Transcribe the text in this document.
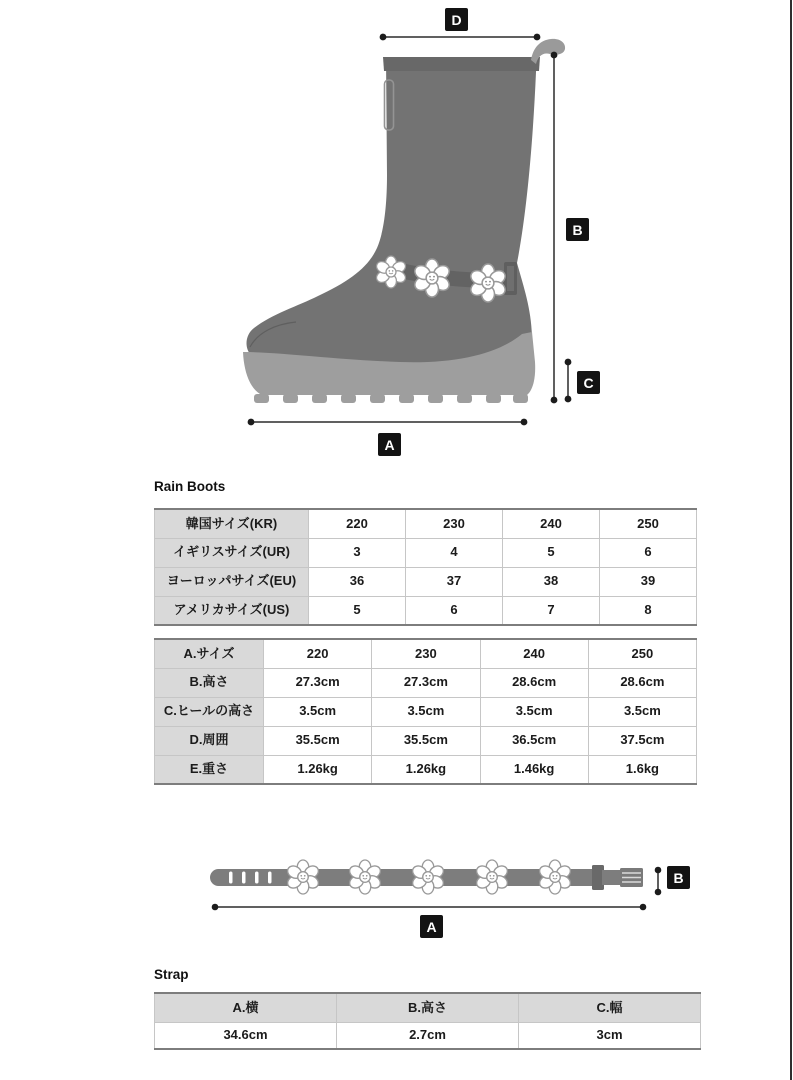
D
B
C
A
Rain Boots
韓国サイズ(KR)	220	230	240	250
イギリスサイズ(UR)	3	4	5	6
ヨーロッパサイズ(EU)	36	37	38	39
アメリカサイズ(US)	5	6	7	8
A.サイズ	220	230	240	250
B.高さ	27.3cm	27.3cm	28.6cm	28.6cm
C.ヒールの高さ	3.5cm	3.5cm	3.5cm	3.5cm
D.周囲	35.5cm	35.5cm	36.5cm	37.5cm
E.重さ	1.26kg	1.26kg	1.46kg	1.6kg
B
A
Strap
A.横	B.高さ	C.幅
34.6cm	2.7cm	3cm
